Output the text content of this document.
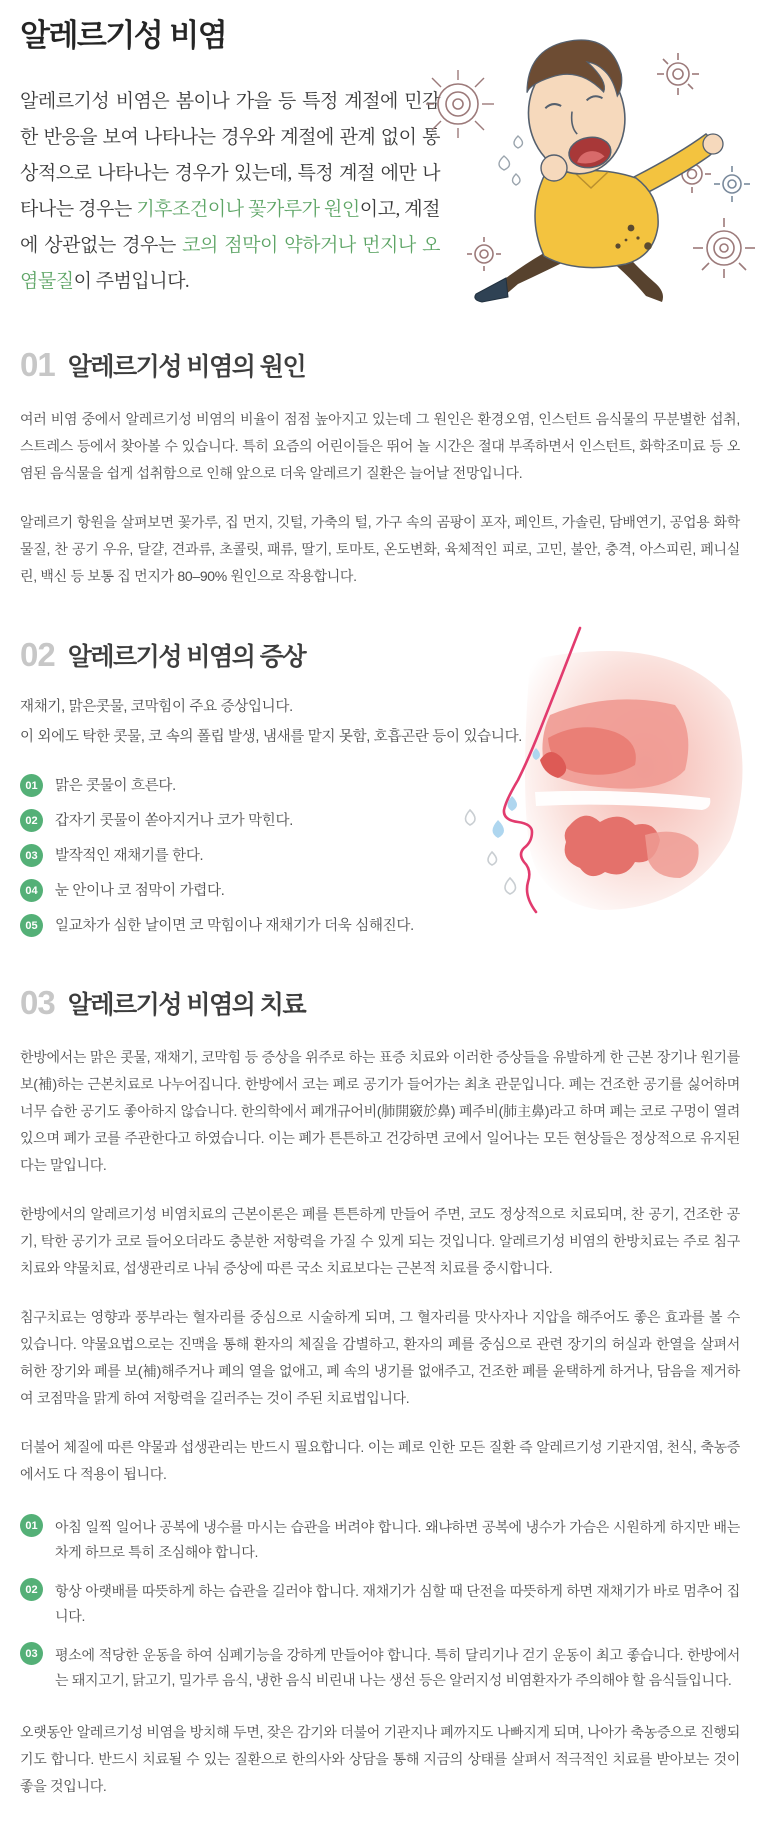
알레르기성 비염

알레르기성 비염은 봄이나 가을 등 특정 계절에 민감한 반응을 보여 나타나는 경우와 계절에 관계 없이 통상적으로 나타나는 경우가 있는데, 특정 계절 에만 나타나는 경우는 기후조건이나 꽃가루가 원인이고, 계절에 상관없는 경우는 코의 점막이 약하거나 먼지나 오염물질이 주범입니다.

01 알레르기성 비염의 원인

여러 비염 중에서 알레르기성 비염의 비율이 점점 높아지고 있는데 그 원인은 환경오염, 인스턴트 음식물의 무분별한 섭취, 스트레스 등에서 찾아볼 수 있습니다. 특히 요즘의 어린이들은 뛰어 놀 시간은 절대 부족하면서 인스턴트, 화학조미료 등 오염된 음식물을 쉽게 섭취함으로 인해 앞으로 더욱 알레르기 질환은 늘어날 전망입니다.

알레르기 항원을 살펴보면 꽃가루, 집 먼지, 깃털, 가축의 털, 가구 속의 곰팡이 포자, 페인트, 가솔린, 담배연기, 공업용 화학물질, 찬 공기 우유, 달걀, 견과류, 초콜릿, 패류, 딸기, 토마토, 온도변화, 육체적인 피로, 고민, 불안, 충격, 아스피린, 페니실린, 백신 등 보통 집 먼지가 80–90% 원인으로 작용합니다.

02 알레르기성 비염의 증상
재채기, 맑은콧물, 코막힘이 주요 증상입니다.
이 외에도 탁한 콧물, 코 속의 폴립 발생, 냄새를 맡지 못함, 호흡곤란 등이 있습니다.
01	맑은 콧물이 흐른다.
02	갑자기 콧물이 쏟아지거나 코가 막힌다.
03	발작적인 재채기를 한다.
04	눈 안이나 코 점막이 가렵다.
05	일교차가 심한 날이면 코 막힘이나 재채기가 더욱 심해진다.
03 알레르기성 비염의 치료

한방에서는 맑은 콧물, 재채기, 코막힘 등 증상을 위주로 하는 표증 치료와 이러한 증상들을 유발하게 한 근본 장기나 원기를 보(補)하는 근본치료로 나누어집니다. 한방에서 코는 폐로 공기가 들어가는 최초 관문입니다. 폐는 건조한 공기를 싫어하며 너무 습한 공기도 좋아하지 않습니다. 한의학에서 폐개규어비(肺開竅於鼻) 폐주비(肺主鼻)라고 하며 폐는 코로 구멍이 열려 있으며 폐가 코를 주관한다고 하였습니다. 이는 폐가 튼튼하고 건강하면 코에서 일어나는 모든 현상들은 정상적으로 유지된다는 말입니다.

한방에서의 알레르기성 비염치료의 근본이론은 폐를 튼튼하게 만들어 주면, 코도 정상적으로 치료되며, 찬 공기, 건조한 공기, 탁한 공기가 코로 들어오더라도 충분한 저항력을 가질 수 있게 되는 것입니다. 알레르기성 비염의 한방치료는 주로 침구치료와 약물치료, 섭생관리로 나눠 증상에 따른 국소 치료보다는 근본적 치료를 중시합니다.

침구치료는 영향과 풍부라는 혈자리를 중심으로 시술하게 되며, 그 혈자리를 맛사자나 지압을 해주어도 좋은 효과를 볼 수 있습니다. 약물요법으로는 진맥을 통해 환자의 체질을 감별하고, 환자의 폐를 중심으로 관련 장기의 허실과 한열을 살펴서 허한 장기와 폐를 보(補)해주거나 폐의 열을 없애고, 폐 속의 냉기를 없애주고, 건조한 폐를 윤택하게 하거나, 담음을 제거하여 코점막을 맑게 하여 저항력을 길러주는 것이 주된 치료법입니다.

더불어 체질에 따른 약물과 섭생관리는 반드시 필요합니다. 이는 폐로 인한 모든 질환 즉 알레르기성 기관지염, 천식, 축농증에서도 다 적용이 됩니다.

01	아침 일찍 일어나 공복에 냉수를 마시는 습관을 버려야 합니다. 왜냐하면 공복에 냉수가 가슴은 시원하게 하지만 배는 차게 하므로 특히 조심해야 합니다.
02	항상 아랫배를 따뜻하게 하는 습관을 길러야 합니다. 재채기가 심할 때 단전을 따뜻하게 하면 재채기가 바로 멈추어 집니다.
03	평소에 적당한 운동을 하여 심폐기능을 강하게 만들어야 합니다. 특히 달리기나 걷기 운동이 최고 좋습니다. 한방에서는 돼지고기, 닭고기, 밀가루 음식, 냉한 음식 비린내 나는 생선 등은 알러지성 비염환자가 주의해야 할 음식들입니다.

오랫동안 알레르기성 비염을 방치해 두면, 잦은 감기와 더불어 기관지나 폐까지도 나빠지게 되며, 나아가 축농증으로 진행되기도 합니다. 반드시 치료될 수 있는 질환으로 한의사와 상담을 통해 지금의 상태를 살펴서 적극적인 치료를 받아보는 것이 좋을 것입니다.
